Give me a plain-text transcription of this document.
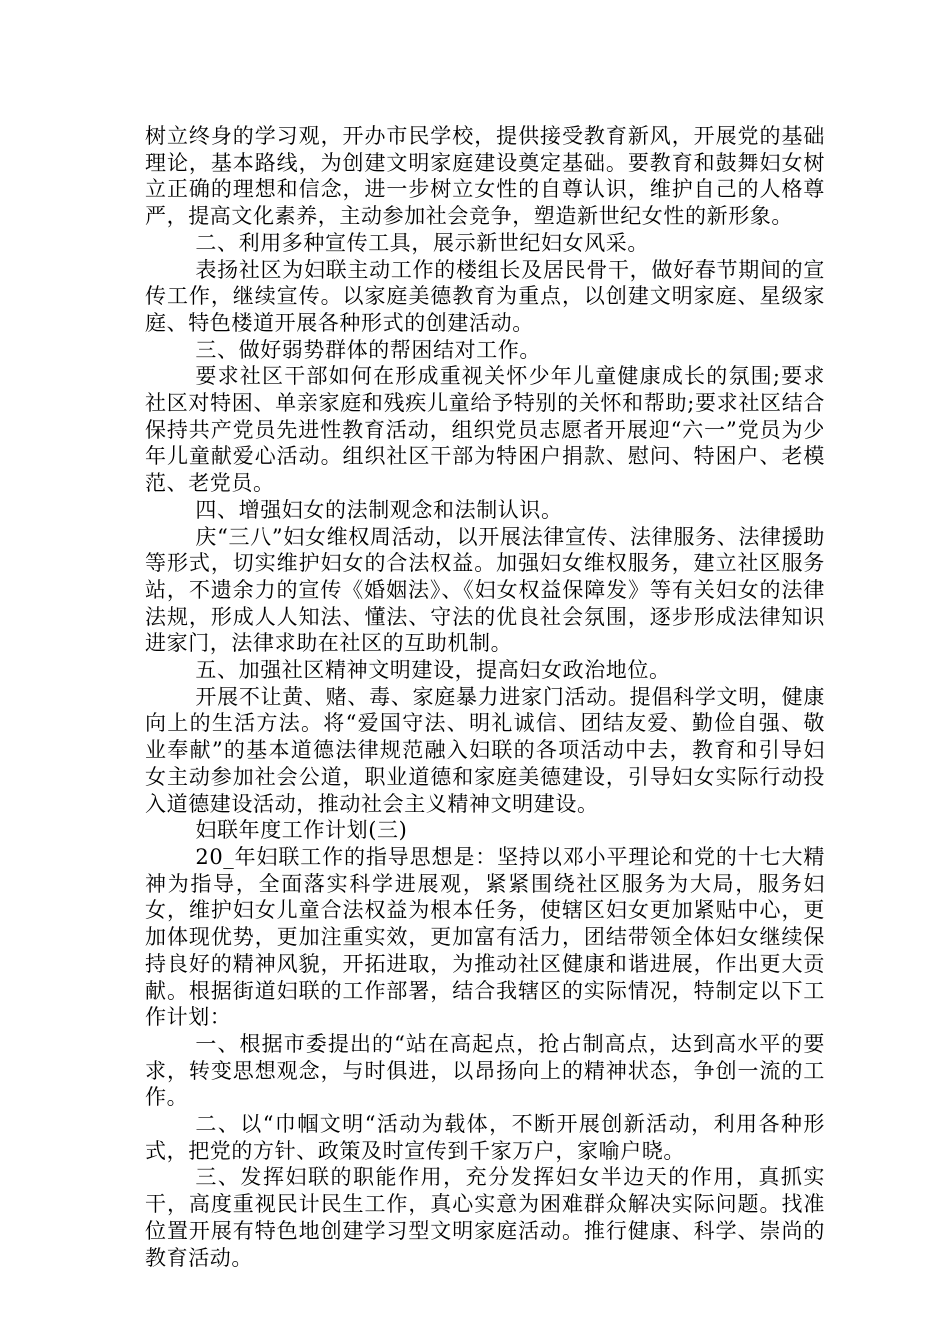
树立终身的学习观，开办市民学校，提供接受教育新风，开展党的基础理论，基本路线，为创建文明家庭建设奠定基础。要教育和鼓舞妇女树立正确的理想和信念，进一步树立女性的自尊认识，维护自己的人格尊严，提高文化素养，主动参加社会竞争，塑造新世纪女性的新形象。

二、利用多种宣传工具，展示新世纪妇女风采。

表扬社区为妇联主动工作的楼组长及居民骨干，做好春节期间的宣传工作，继续宣传。以家庭美德教育为重点，以创建文明家庭、星级家庭、特色楼道开展各种形式的创建活动。

三、做好弱势群体的帮困结对工作。

要求社区干部如何在形成重视关怀少年儿童健康成长的氛围;要求社区对特困、单亲家庭和残疾儿童给予特别的关怀和帮助;要求社区结合保持共产党员先进性教育活动，组织党员志愿者开展迎“六一”党员为少年儿童献爱心活动。组织社区干部为特困户捐款、慰问、特困户、老模范、老党员。

四、增强妇女的法制观念和法制认识。

庆“三八”妇女维权周活动，以开展法律宣传、法律服务、法律援助等形式，切实维护妇女的合法权益。加强妇女维权服务，建立社区服务站，不遗余力的宣传《婚姻法》、《妇女权益保障发》等有关妇女的法律法规，形成人人知法、懂法、守法的优良社会氛围，逐步形成法律知识进家门，法律求助在社区的互助机制。

五、加强社区精神文明建设，提高妇女政治地位。

开展不让黄、赌、毒、家庭暴力进家门活动。提倡科学文明，健康向上的生活方法。将“爱国守法、明礼诚信、团结友爱、勤俭自强、敬业奉献”的基本道德法律规范融入妇联的各项活动中去，教育和引导妇女主动参加社会公道，职业道德和家庭美德建设，引导妇女实际行动投入道德建设活动，推动社会主义精神文明建设。

妇联年度工作计划(三)

20_年妇联工作的指导思想是：坚持以邓小平理论和党的十七大精神为指导，全面落实科学进展观，紧紧围绕社区服务为大局，服务妇女，维护妇女儿童合法权益为根本任务，使辖区妇女更加紧贴中心，更加体现优势，更加注重实效，更加富有活力，团结带领全体妇女继续保持良好的精神风貌，开拓进取，为推动社区健康和谐进展，作出更大贡献。根据街道妇联的工作部署，结合我辖区的实际情况，特制定以下工作计划：

一、根据市委提出的“站在高起点，抢占制高点，达到高水平的要求，转变思想观念，与时俱进，以昂扬向上的精神状态，争创一流的工作。

二、以“巾帼文明“活动为载体，不断开展创新活动，利用各种形式，把党的方针、政策及时宣传到千家万户，家喻户晓。

三、发挥妇联的职能作用，充分发挥妇女半边天的作用，真抓实干，高度重视民计民生工作，真心实意为困难群众解决实际问题。找准位置开展有特色地创建学习型文明家庭活动。推行健康、科学、崇尚的教育活动。
